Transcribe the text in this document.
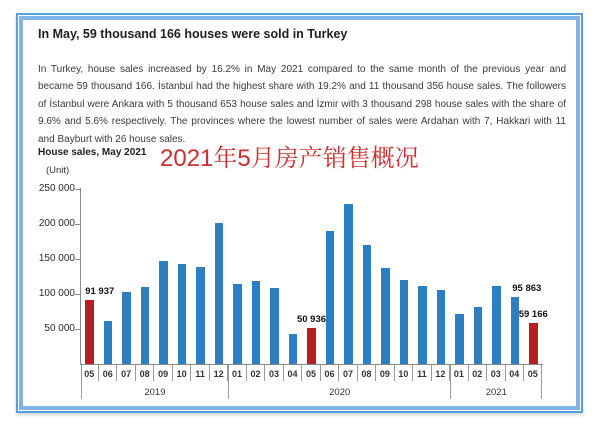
In May, 59 thousand 166 houses were sold in Turkey
In Turkey, house sales increased by 16.2% in May 2021 compared to the same month of the previous year and became 59 thousand 166. İstanbul had the highest share with 19.2% and 11 thousand 356 house sales. The followers of İstanbul were Ankara with 5 thousand 653 house sales and İzmir with 3 thousand 298 house sales with the share of 9.6% and 5.6% respectively. The provinces where the lowest number of sales were Ardahan with 7, Hakkari with 11 and Bayburt with 26 house sales.
House sales, May 2021 2021年5月房产销售概况
(Unit)
250 000
200 000
150 000
100 000
50 000
91 937
50 936
95 863
59 166
2019	2020	2021
05 06 07 08 09 10 11 12 01 02 03 04 05 06 07 08 09 10 11 12 01 02 03 04 05
